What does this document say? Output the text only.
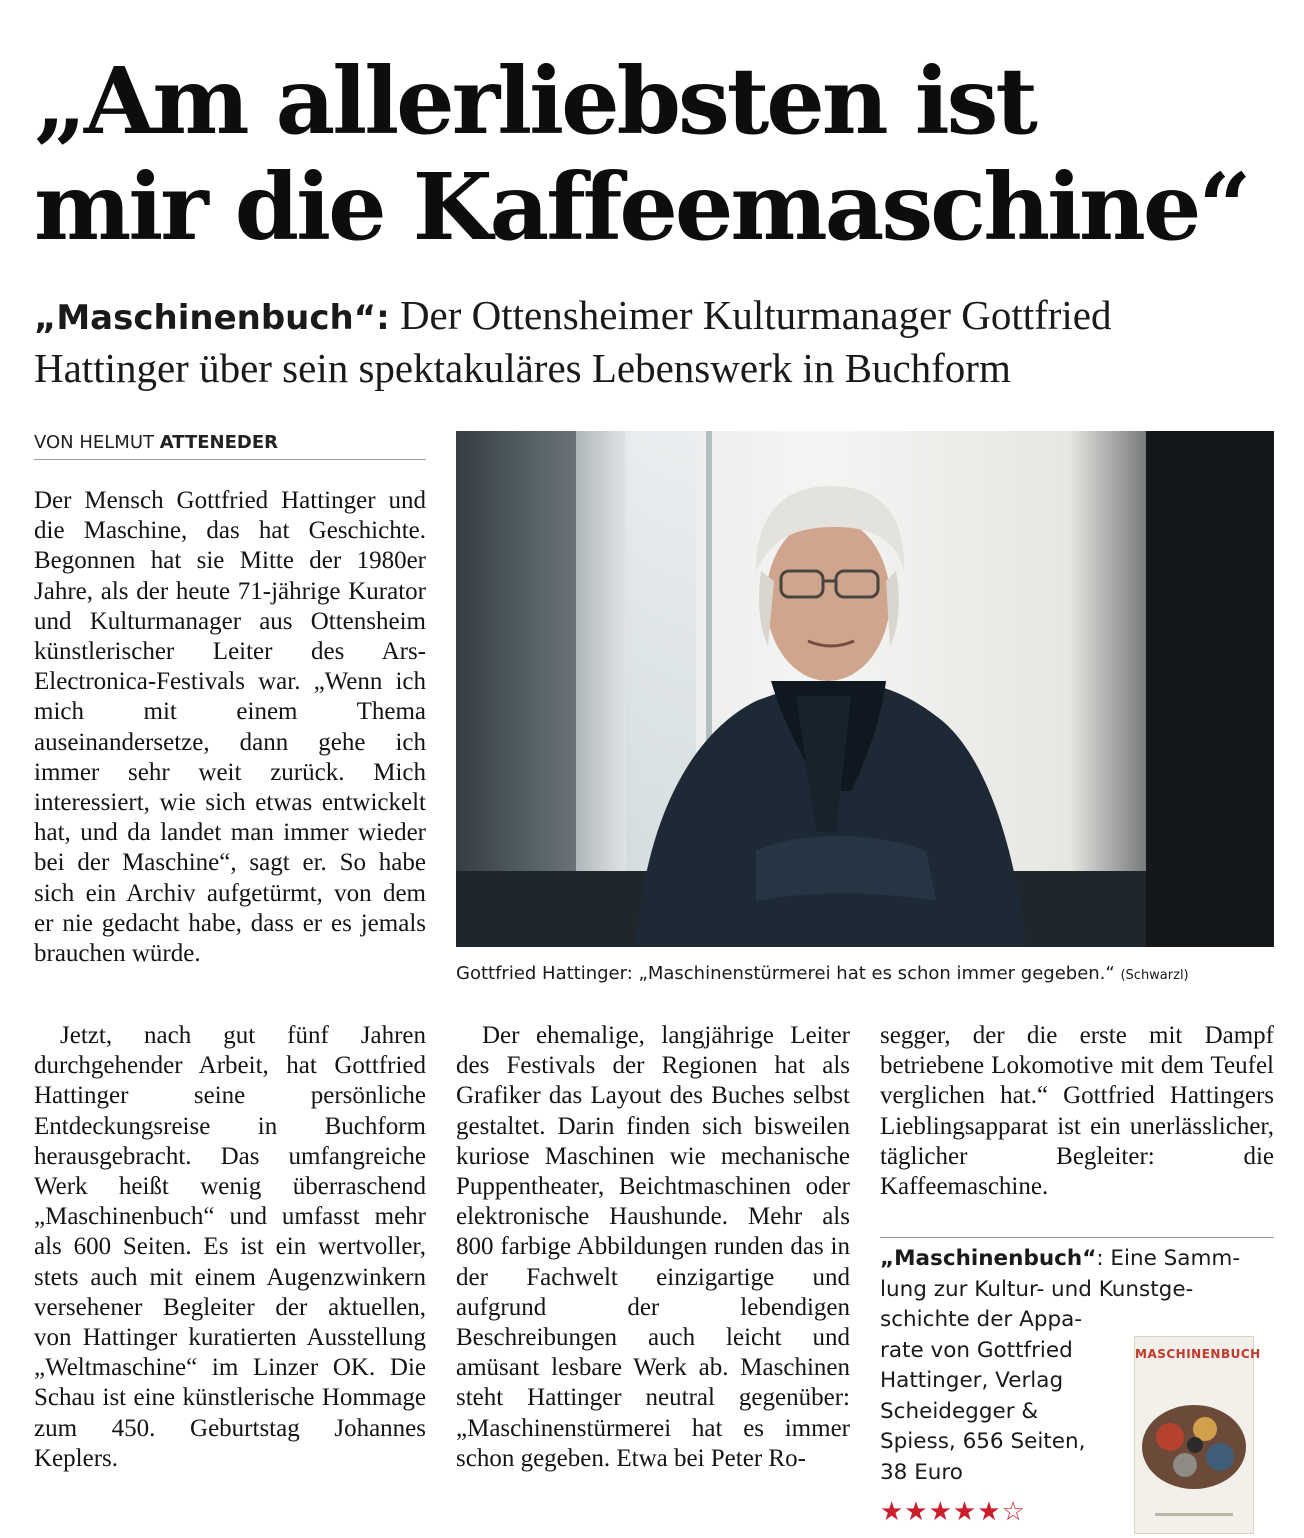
„Am allerliebsten ist
mir die Kaffeemaschine“
„Maschinenbuch“: Der Ottensheimer Kulturmanager Gottfried
Hattinger über sein spektakuläres Lebenswerk in Buchform
VON HELMUT ATTENEDER
Gottfried Hattinger: „Maschinenstürmerei hat es schon immer gegeben.“ (Schwarzl)

Der Mensch Gottfried Hattinger und die Maschine, das hat Geschichte. Begonnen hat sie Mitte der 1980er Jahre, als der heute 71-jährige Kurator und Kulturmanager aus Ottensheim künstlerischer Leiter des Ars-Electronica-Festivals war. „Wenn ich mich mit einem Thema auseinandersetze, dann gehe ich immer sehr weit zurück. Mich interessiert, wie sich etwas entwickelt hat, und da landet man immer wieder bei der Maschine“, sagt er. So habe sich ein Archiv aufgetürmt, von dem er nie gedacht habe, dass er es jemals brauchen würde.

Jetzt, nach gut fünf Jahren durchgehender Arbeit, hat Gottfried Hattinger seine persönliche Entdeckungsreise in Buchform herausgebracht. Das umfangreiche Werk heißt wenig überraschend „Maschinenbuch“ und umfasst mehr als 600 Seiten. Es ist ein wertvoller, stets auch mit einem Augenzwinkern versehener Begleiter der aktuellen, von Hattinger kuratierten Ausstellung „Weltmaschine“ im Linzer OK. Die Schau ist eine künstlerische Hommage zum 450. Geburtstag Johannes Keplers.

Der ehemalige, langjährige Leiter des Festivals der Regionen hat als Grafiker das Layout des Buches selbst gestaltet. Darin finden sich bisweilen kuriose Maschinen wie mechanische Puppentheater, Beichtmaschinen oder elektronische Haushunde. Mehr als 800 farbige Abbildungen runden das in der Fachwelt einzigartige und aufgrund der lebendigen Beschreibungen auch leicht und amüsant lesbare Werk ab. Maschinen steht Hattinger neutral gegenüber: „Maschinenstürmerei hat es immer schon gegeben. Etwa bei Peter Ro-

segger, der die erste mit Dampf betriebene Lokomotive mit dem Teufel verglichen hat.“ Gottfried Hattingers Lieblingsapparat ist ein unerlässlicher, täglicher Begleiter: die Kaffeemaschine.

„Maschinenbuch“: Eine Samm-
lung zur Kultur- und Kunstge-
schichte der Appa-
rate von Gottfried
Hattinger, Verlag
Scheidegger &
Spiess, 656 Seiten,
38 Euro
★★★★★☆
MASCHINENBUCH
